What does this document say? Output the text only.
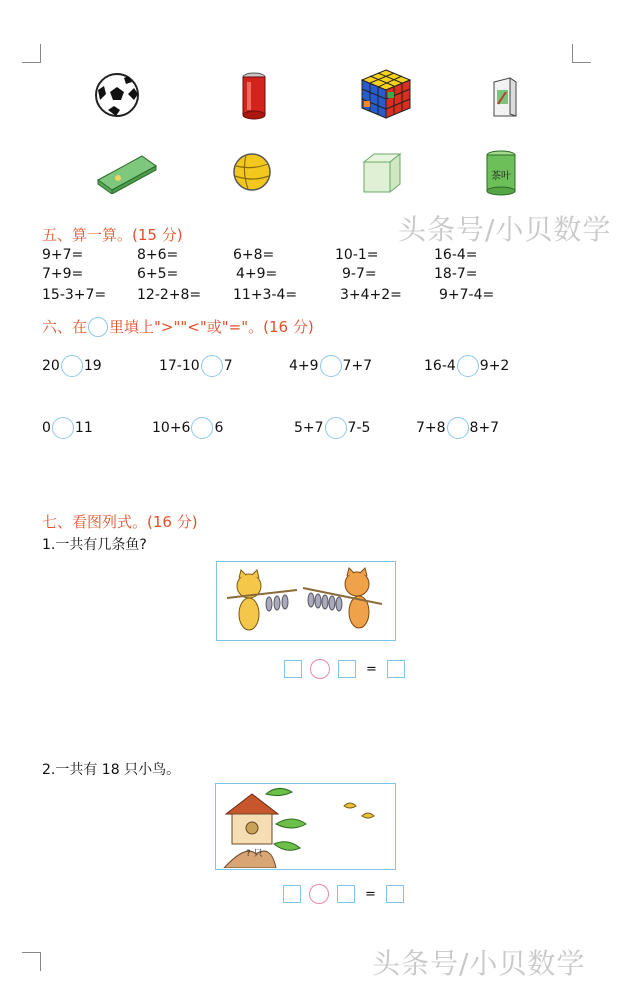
茶叶
五、算一算。(15 分)
9+7=	8+6=	6+8=	10-1=	16-4=
7+9=	6+5=	4+9=	9-7=	18-7=
15-3+7= 12-2+8= 11+3-4=	3+4+2=	9+7-4=
六、在 里填上">""<"或"="。(16 分)
20 19	17-10 7	4+9 7+7	16-4 9+2
0 11	10+6 6	5+7 7-5	7+8 8+7
七、看图列式。(16 分)
1.一共有几条鱼?
=
2.一共有 18 只小鸟。
? 只
=
头条号/小贝数学
头条号/小贝数学
